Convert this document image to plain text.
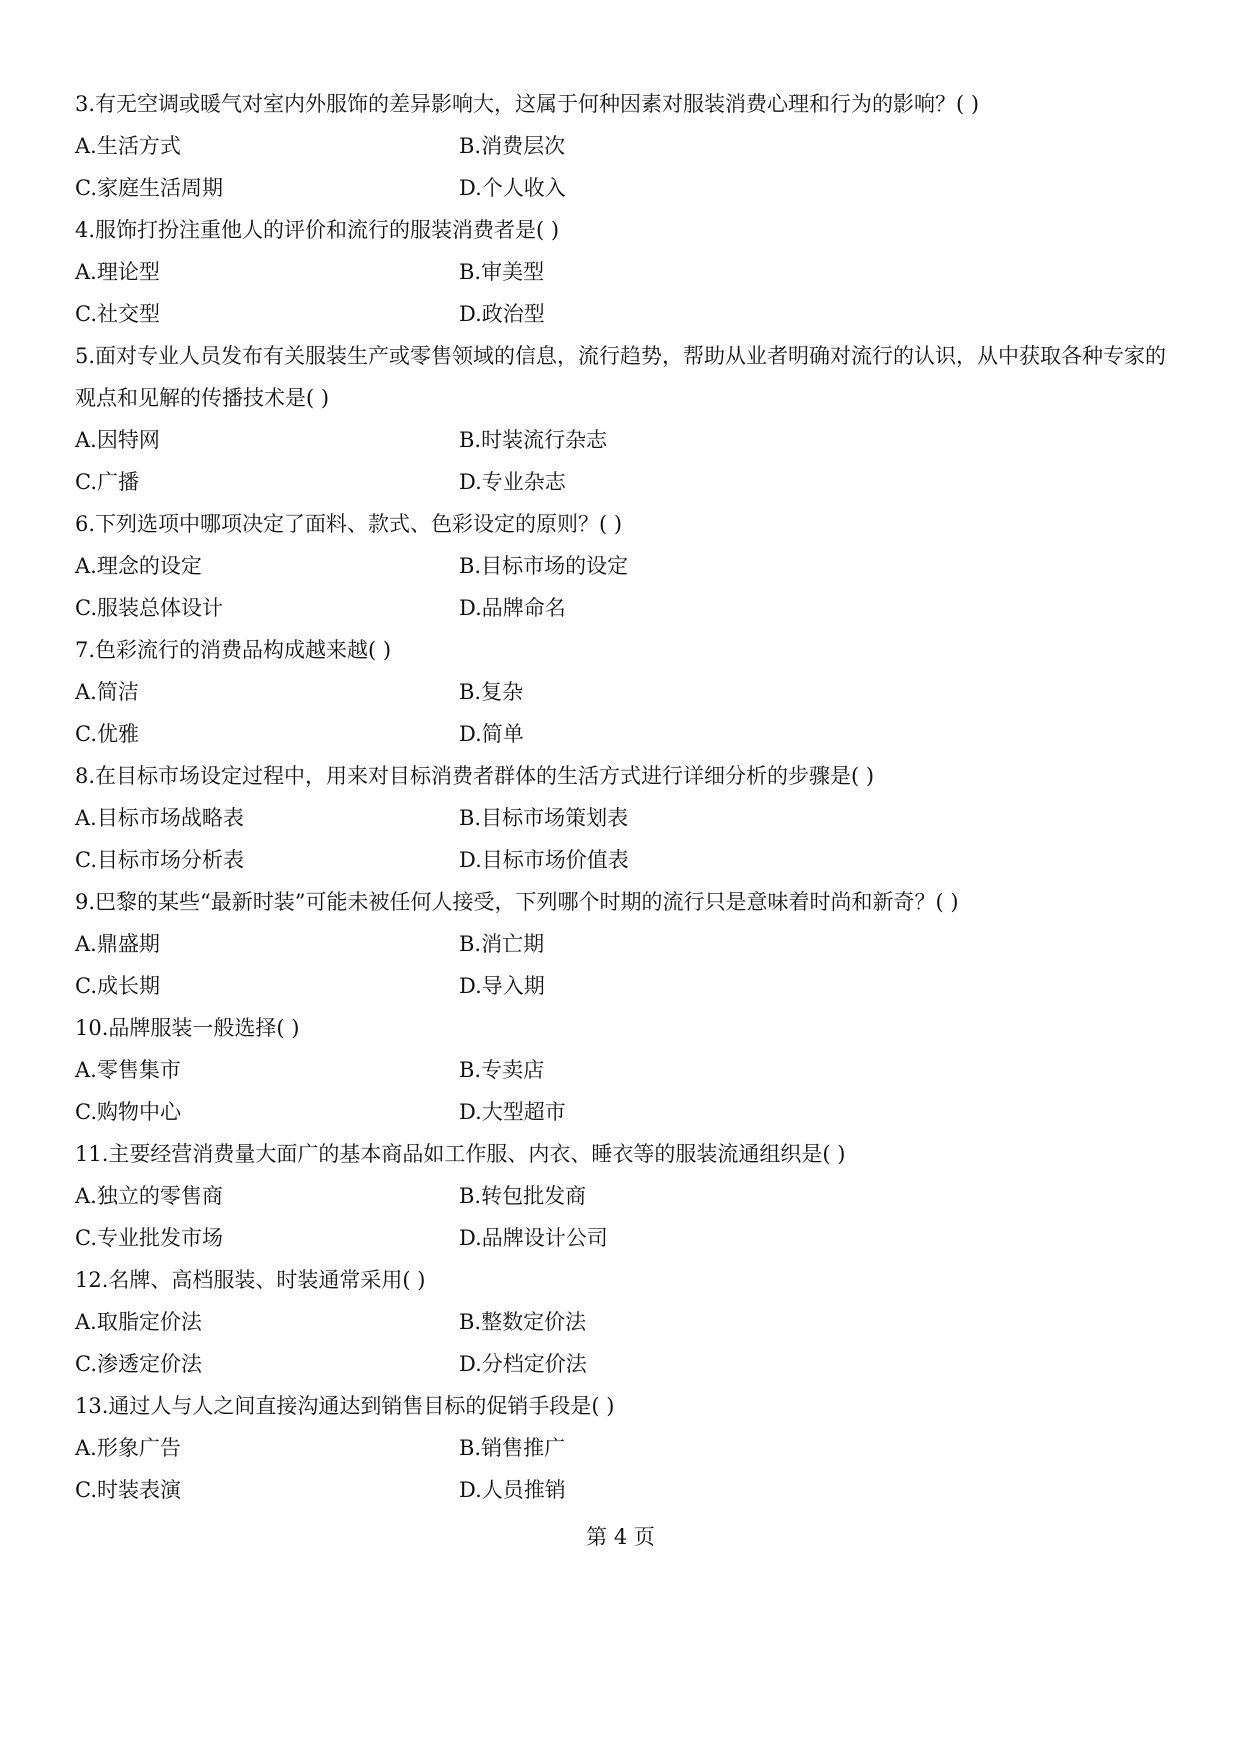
3.有无空调或暖气对室内外服饰的差异影响大，这属于何种因素对服装消费心理和行为的影响？( )

A.生活方式	B.消费层次
C.家庭生活周期	D.个人收入

4.服饰打扮注重他人的评价和流行的服装消费者是( )

A.理论型	B.审美型
C.社交型	D.政治型

5.面对专业人员发布有关服装生产或零售领域的信息，流行趋势，帮助从业者明确对流行的认识，从中获取各种专家的观点和见解的传播技术是( )

A.因特网	B.时装流行杂志
C.广播	D.专业杂志

6.下列选项中哪项决定了面料、款式、色彩设定的原则？( )

A.理念的设定	B.目标市场的设定
C.服装总体设计	D.品牌命名

7.色彩流行的消费品构成越来越( )

A.简洁	B.复杂
C.优雅	D.简单

8.在目标市场设定过程中，用来对目标消费者群体的生活方式进行详细分析的步骤是( )

A.目标市场战略表	B.目标市场策划表
C.目标市场分析表	D.目标市场价值表

9.巴黎的某些“最新时装”可能未被任何人接受，下列哪个时期的流行只是意味着时尚和新奇？( )

A.鼎盛期	B.消亡期
C.成长期	D.导入期

10.品牌服装一般选择( )

A.零售集市	B.专卖店
C.购物中心	D.大型超市

11.主要经营消费量大面广的基本商品如工作服、内衣、睡衣等的服装流通组织是( )

A.独立的零售商	B.转包批发商
C.专业批发市场	D.品牌设计公司

12.名牌、高档服装、时装通常采用( )

A.取脂定价法	B.整数定价法
C.渗透定价法	D.分档定价法

13.通过人与人之间直接沟通达到销售目标的促销手段是( )

A.形象广告	B.销售推广
C.时装表演	D.人员推销
第 4 页
